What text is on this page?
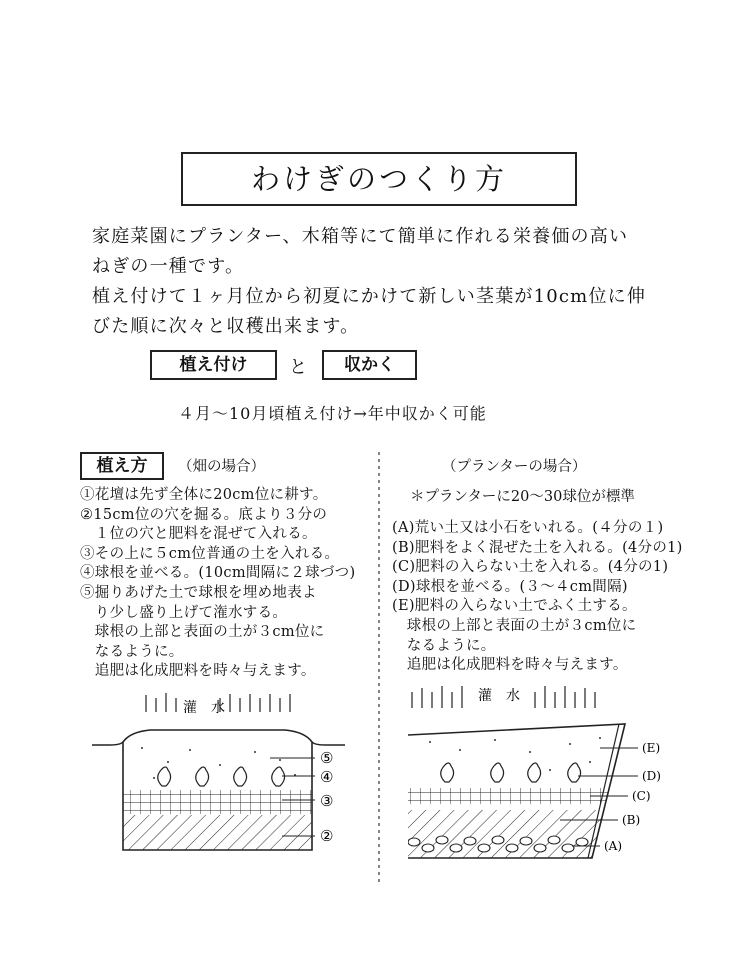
わけぎのつくり方
家庭菜園にプランター、木箱等にて簡単に作れる栄養価の高い
ねぎの一種です。
植え付けて１ヶ月位から初夏にかけて新しい茎葉が10cm位に伸
びた順に次々と収穫出来ます。
植え付け	と	収かく
４月～10月頃植え付け→年中収かく可能
植え方	（畑の場合）
①花壇は先ず全体に20cm位に耕す。
②15cm位の穴を掘る。底より３分の
　１位の穴と肥料を混ぜて入れる。
③その上に５cm位普通の土を入れる。
④球根を並べる。(10cm間隔に２球づつ)
⑤掘りあげた土で球根を埋め地表よ
　り少し盛り上げて潅水する。
　球根の上部と表面の土が３cm位に
　なるように。
　追肥は化成肥料を時々与えます。
（プランターの場合）
＊プランターに20～30球位が標準
(A)荒い土又は小石をいれる。(４分の１)
(B)肥料をよく混ぜた土を入れる。(4分の1)
(C)肥料の入らない土を入れる。(4分の1)
(D)球根を並べる。(３～４cm間隔)
(E)肥料の入らない土でふく土する。
　球根の上部と表面の土が３cm位に
　なるように。
　追肥は化成肥料を時々与えます。
灌　水
⑤
④
③
②
灌　水
(E)
(D)
(C)
(B)
(A)
